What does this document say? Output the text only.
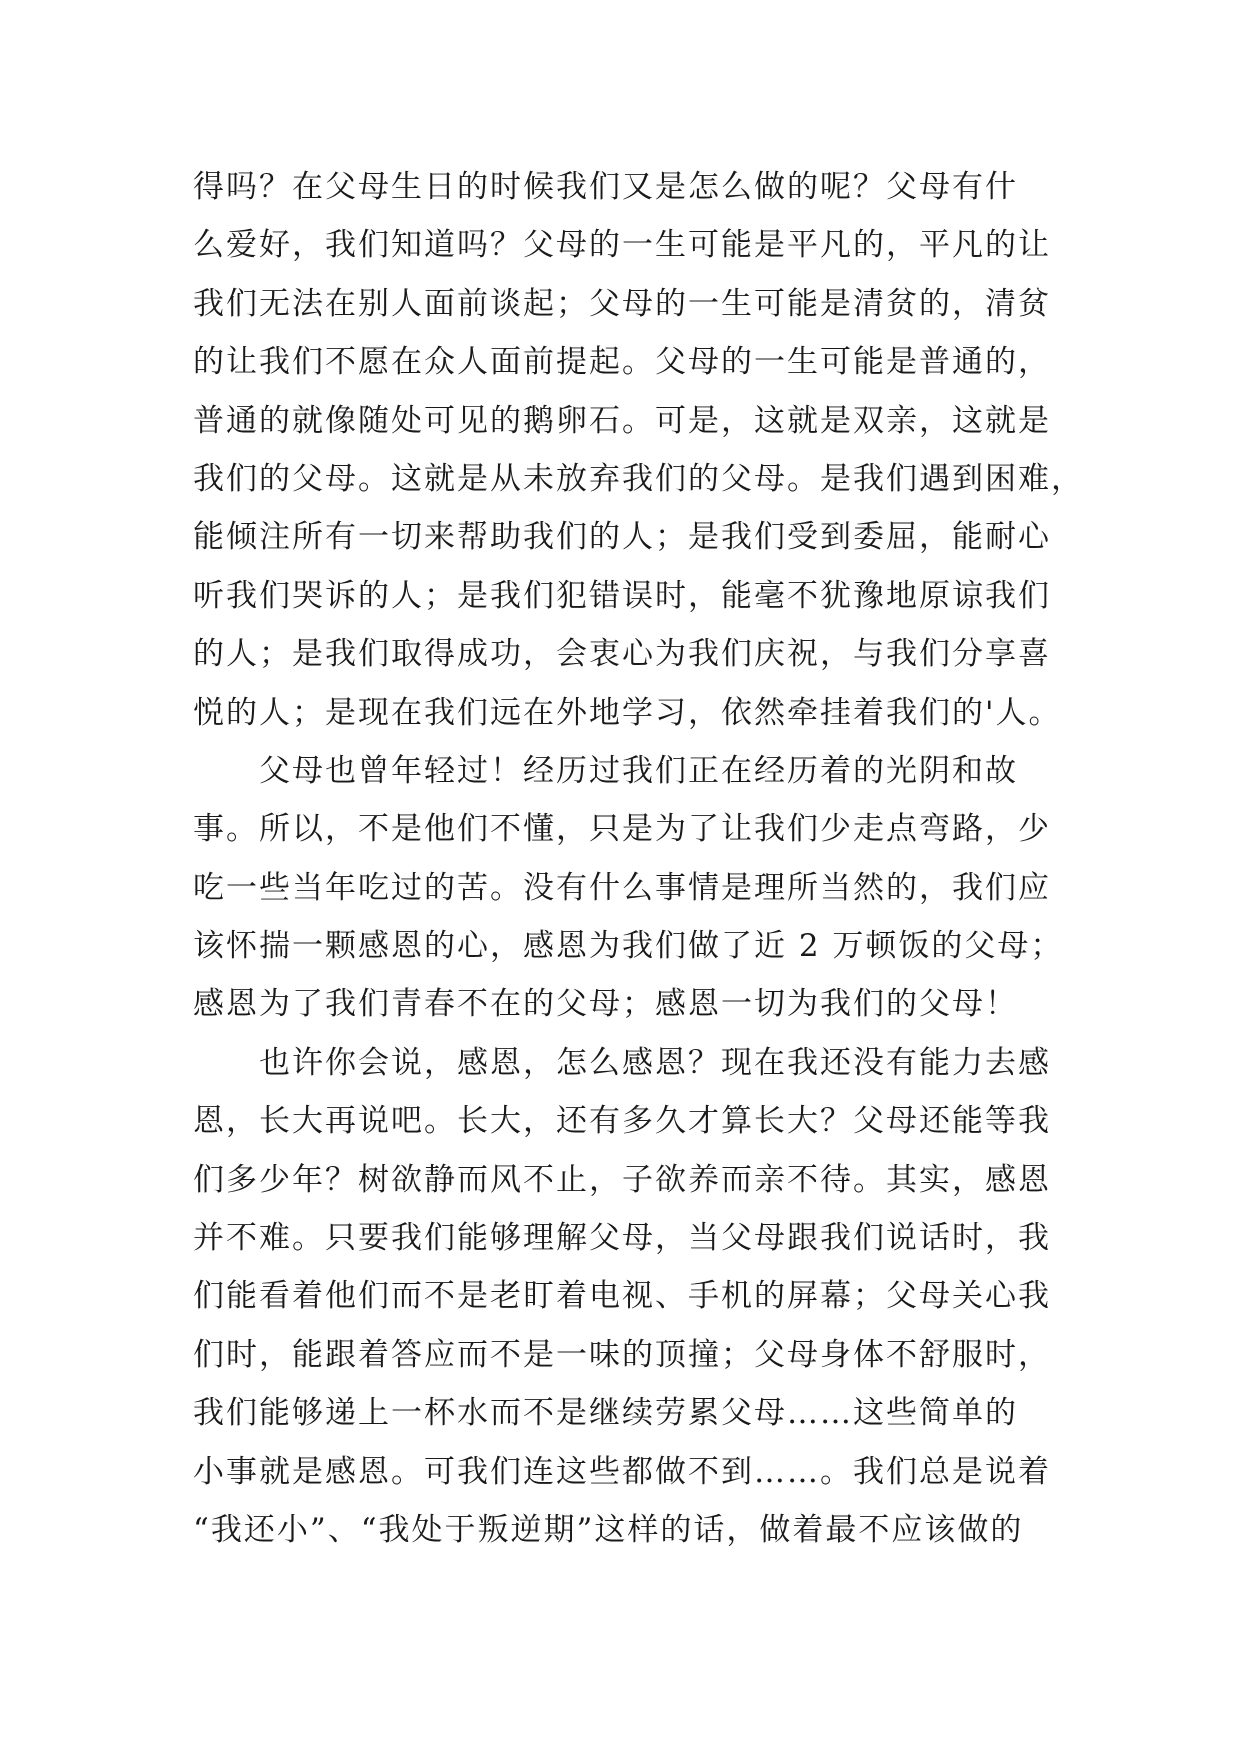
得吗？在父母生日的时候我们又是怎么做的呢？父母有什
么爱好，我们知道吗？父母的一生可能是平凡的，平凡的让
我们无法在别人面前谈起；父母的一生可能是清贫的，清贫
的让我们不愿在众人面前提起。父母的一生可能是普通的，
普通的就像随处可见的鹅卵石。可是，这就是双亲，这就是
我们的父母。这就是从未放弃我们的父母。是我们遇到困难，
能倾注所有一切来帮助我们的人；是我们受到委屈，能耐心
听我们哭诉的人；是我们犯错误时，能毫不犹豫地原谅我们
的人；是我们取得成功，会衷心为我们庆祝，与我们分享喜
悦的人；是现在我们远在外地学习，依然牵挂着我们的'人。
父母也曾年轻过！经历过我们正在经历着的光阴和故
事。所以，不是他们不懂，只是为了让我们少走点弯路，少
吃一些当年吃过的苦。没有什么事情是理所当然的，我们应
该怀揣一颗感恩的心，感恩为我们做了近 2 万顿饭的父母；
感恩为了我们青春不在的父母；感恩一切为我们的父母！
也许你会说，感恩，怎么感恩？现在我还没有能力去感
恩，长大再说吧。长大，还有多久才算长大？父母还能等我
们多少年？树欲静而风不止，子欲养而亲不待。其实，感恩
并不难。只要我们能够理解父母，当父母跟我们说话时，我
们能看着他们而不是老盯着电视、手机的屏幕；父母关心我
们时，能跟着答应而不是一味的顶撞；父母身体不舒服时，
我们能够递上一杯水而不是继续劳累父母……这些简单的
小事就是感恩。可我们连这些都做不到……。我们总是说着
“我还小”、“我处于叛逆期”这样的话，做着最不应该做的
